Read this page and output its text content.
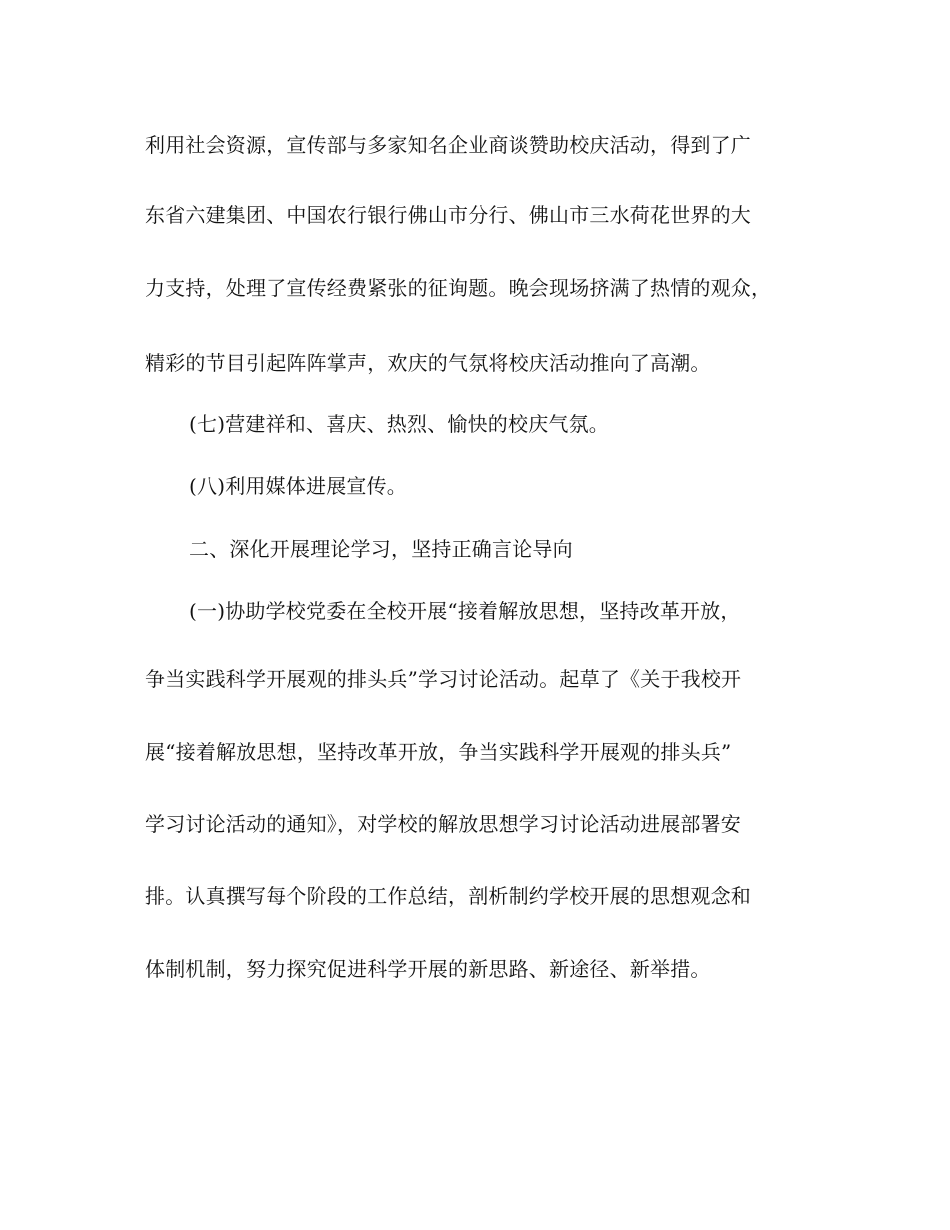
利用社会资源，宣传部与多家知名企业商谈赞助校庆活动，得到了广
东省六建集团、中国农行银行佛山市分行、佛山市三水荷花世界的大
力支持，处理了宣传经费紧张的征询题。晚会现场挤满了热情的观众，
精彩的节目引起阵阵掌声，欢庆的气氛将校庆活动推向了高潮。
(七)营建祥和、喜庆、热烈、愉快的校庆气氛。
(八)利用媒体进展宣传。
二、深化开展理论学习，坚持正确言论导向
(一)协助学校党委在全校开展“接着解放思想，坚持改革开放，
争当实践科学开展观的排头兵”学习讨论活动。起草了《关于我校开
展“接着解放思想，坚持改革开放，争当实践科学开展观的排头兵”
学习讨论活动的通知》，对学校的解放思想学习讨论活动进展部署安
排。认真撰写每个阶段的工作总结，剖析制约学校开展的思想观念和
体制机制，努力探究促进科学开展的新思路、新途径、新举措。
